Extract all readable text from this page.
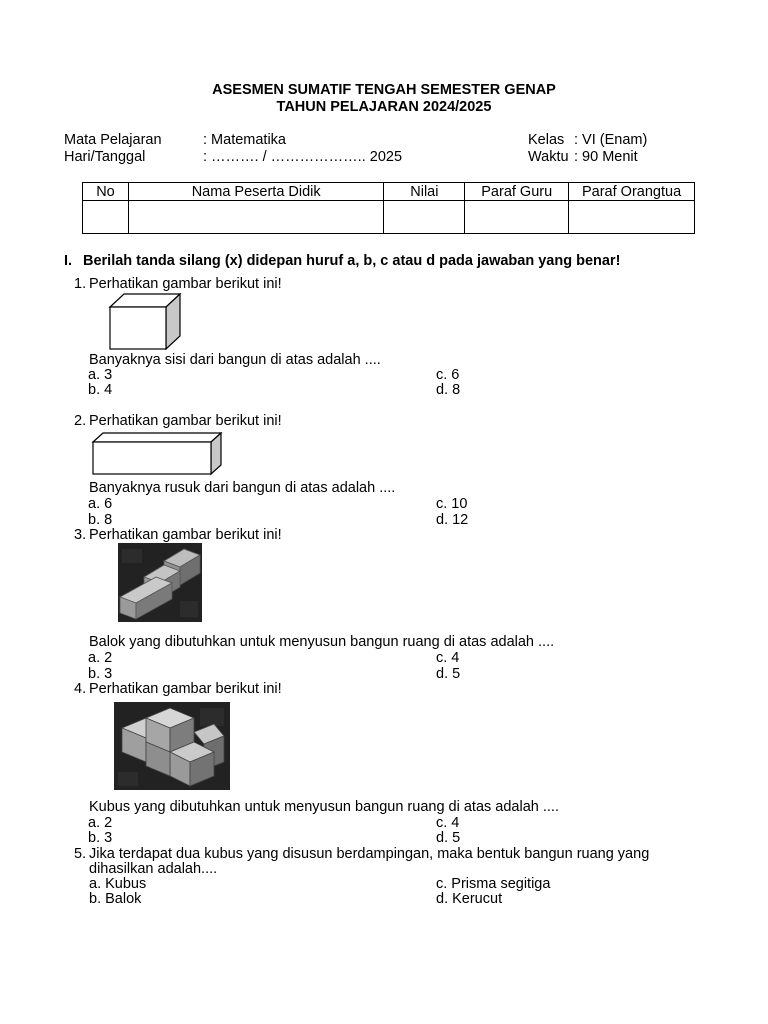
ASESMEN SUMATIF TENGAH SEMESTER GENAP
TAHUN PELAJARAN 2024/2025
Mata Pelajaran	: Matematika	Kelas : VI (Enam)
Hari/Tanggal	: ………. / ……………….. 2025	Waktu : 90 Menit
No	Nama Peserta Didik	Nilai	Paraf Guru	Paraf Orangtua

I. Berilah tanda silang (x) didepan huruf a, b, c atau d pada jawaban yang benar!
1. Perhatikan gambar berikut ini!
Banyaknya sisi dari bangun di atas adalah ....
a. 3
b. 4
c. 6
d. 8
2. Perhatikan gambar berikut ini!
Banyaknya rusuk dari bangun di atas adalah ....
a. 6
b. 8
c. 10
d. 12
3. Perhatikan gambar berikut ini!
Balok yang dibutuhkan untuk menyusun bangun ruang di atas adalah ....
a. 2
b. 3
c. 4
d. 5
4. Perhatikan gambar berikut ini!
Kubus yang dibutuhkan untuk menyusun bangun ruang di atas adalah ....
a. 2
b. 3
c. 4
d. 5
5. Jika terdapat dua kubus yang disusun berdampingan, maka bentuk bangun ruang yang
dihasilkan adalah....
a. Kubus
b. Balok
c. Prisma segitiga
d. Kerucut
